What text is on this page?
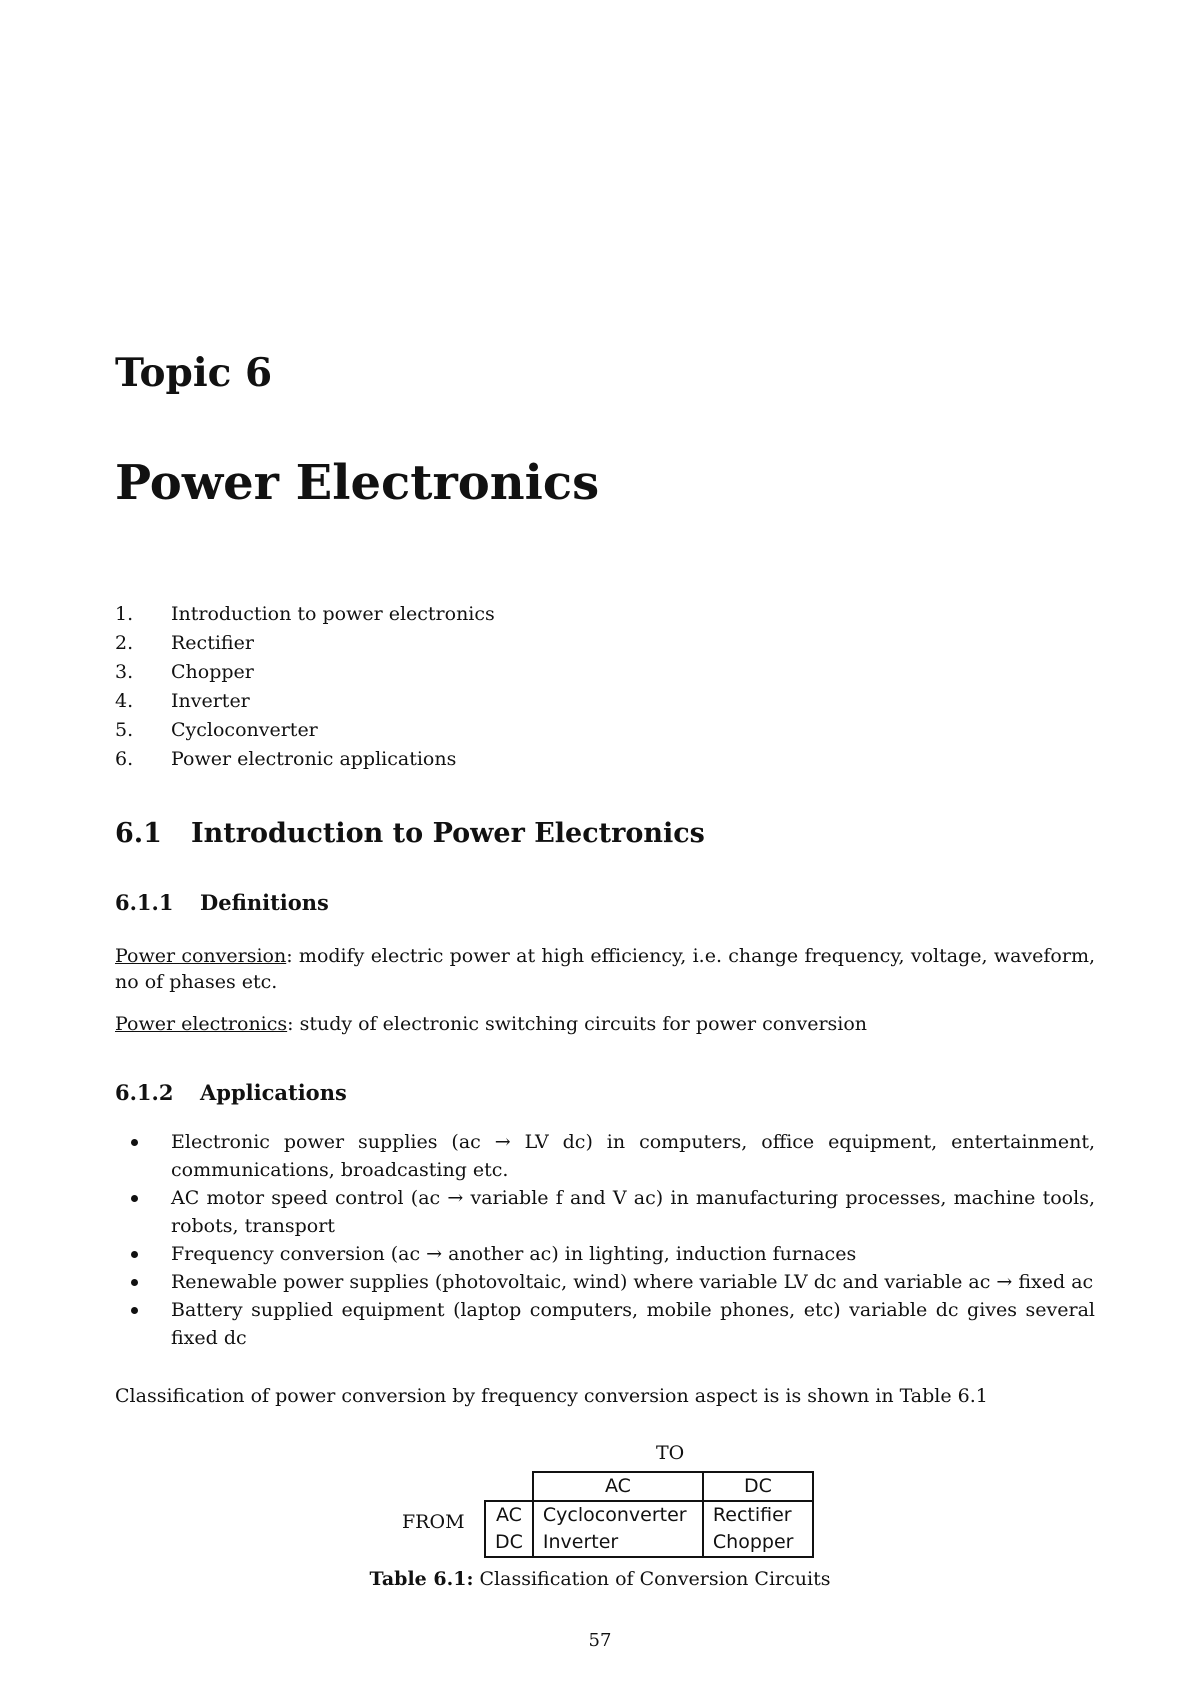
Topic 6
Power Electronics
1.	Introduction to power electronics
2.	Rectifier
3.	Chopper
4.	Inverter
5.	Cycloconverter
6.	Power electronic applications
6.1 Introduction to Power Electronics
6.1.1 Definitions

Power conversion: modify electric power at high efficiency, i.e. change frequency, voltage, waveform, no of phases etc.

Power electronics: study of electronic switching circuits for power conversion

6.1.2 Applications
Electronic power supplies (ac → LV dc) in computers, office equipment, entertainment, communications, broadcasting etc.
AC motor speed control (ac → variable f and V ac) in manufacturing processes, machine tools, robots, transport
Frequency conversion (ac → another ac) in lighting, induction furnaces
Renewable power supplies (photovoltaic, wind) where variable LV dc and variable ac → fixed ac
Battery supplied equipment (laptop computers, mobile phones, etc) variable dc gives several fixed dc

Classification of power conversion by frequency conversion aspect is is shown in Table 6.1

TO
FROM
	AC	DC
AC	Cycloconverter	Rectifier
DC	Inverter	Chopper
Table 6.1: Classification of Conversion Circuits
57
